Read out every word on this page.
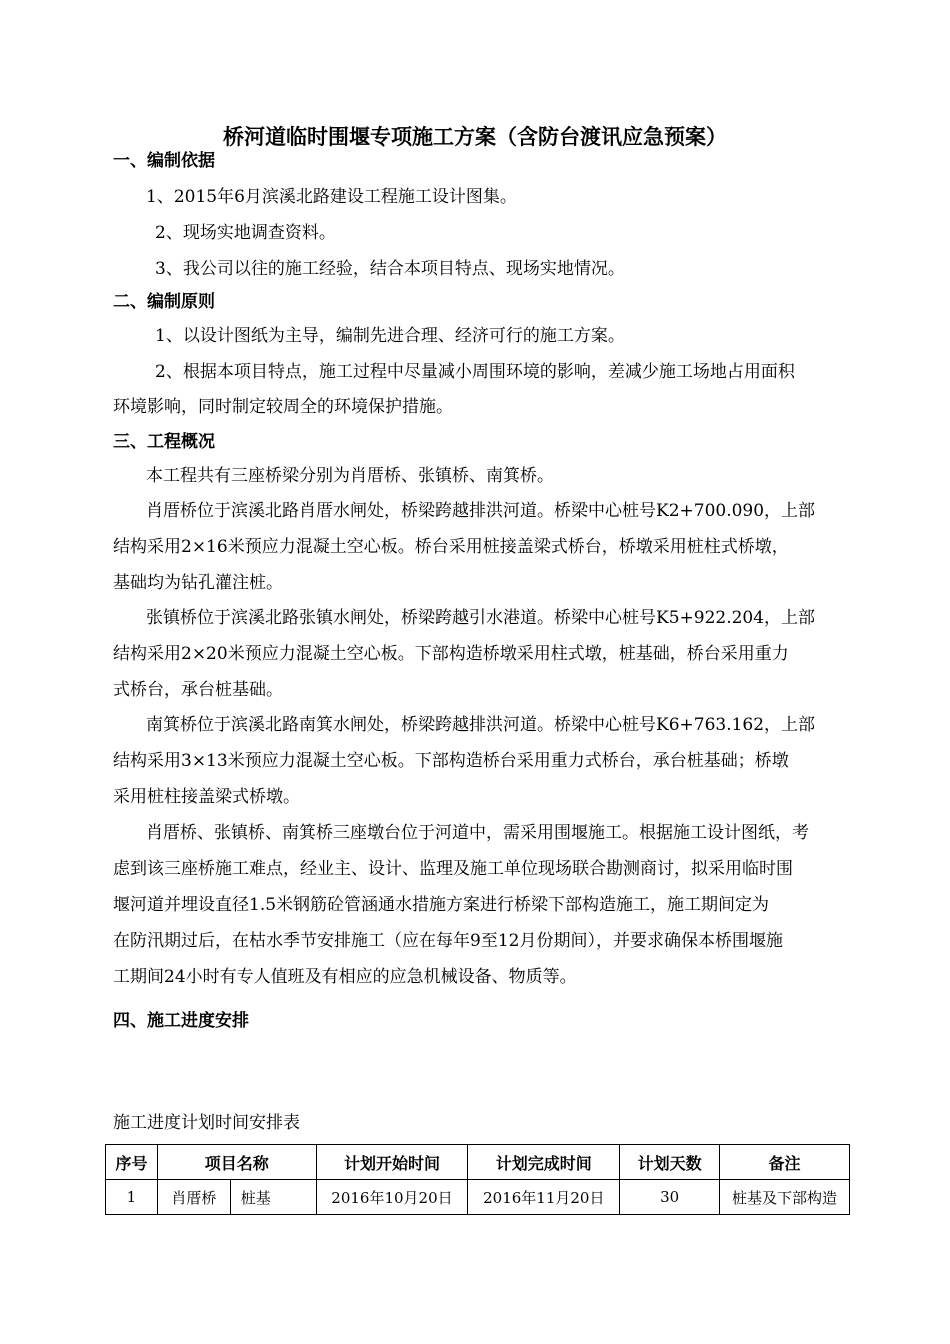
桥河道临时围堰专项施工方案（含防台渡讯应急预案）
一、编制依据
1、2015年6月滨溪北路建设工程施工设计图集。
2、现场实地调查资料。
3、我公司以往的施工经验，结合本项目特点、现场实地情况。
二、编制原则
1、以设计图纸为主导，编制先进合理、经济可行的施工方案。
2、根据本项目特点，施工过程中尽量减小周围环境的影响，差减少施工场地占用面积
环境影响，同时制定较周全的环境保护措施。
三、工程概况
本工程共有三座桥梁分别为肖厝桥、张镇桥、南箕桥。
肖厝桥位于滨溪北路肖厝水闸处，桥梁跨越排洪河道。桥梁中心桩号K2+700.090，上部
结构采用2×16米预应力混凝土空心板。桥台采用桩接盖梁式桥台，桥墩采用桩柱式桥墩，
基础均为钻孔灌注桩。
张镇桥位于滨溪北路张镇水闸处，桥梁跨越引水港道。桥梁中心桩号K5+922.204，上部
结构采用2×20米预应力混凝土空心板。下部构造桥墩采用柱式墩，桩基础，桥台采用重力
式桥台，承台桩基础。
南箕桥位于滨溪北路南箕水闸处，桥梁跨越排洪河道。桥梁中心桩号K6+763.162，上部
结构采用3×13米预应力混凝土空心板。下部构造桥台采用重力式桥台，承台桩基础；桥墩
采用桩柱接盖梁式桥墩。
肖厝桥、张镇桥、南箕桥三座墩台位于河道中，需采用围堰施工。根据施工设计图纸，考
虑到该三座桥施工难点，经业主、设计、监理及施工单位现场联合勘测商讨，拟采用临时围
堰河道并埋设直径1.5米钢筋砼管涵通水措施方案进行桥梁下部构造施工，施工期间定为
在防汛期过后，在枯水季节安排施工（应在每年9至12月份期间），并要求确保本桥围堰施
工期间24小时有专人值班及有相应的应急机械设备、物质等。
四、施工进度安排
施工进度计划时间安排表
序号	项目名称		计划开始时间	计划完成时间	计划天数	备注
1	肖厝桥	桩基	2016年10月20日	2016年11月20日	30	桩基及下部构造
